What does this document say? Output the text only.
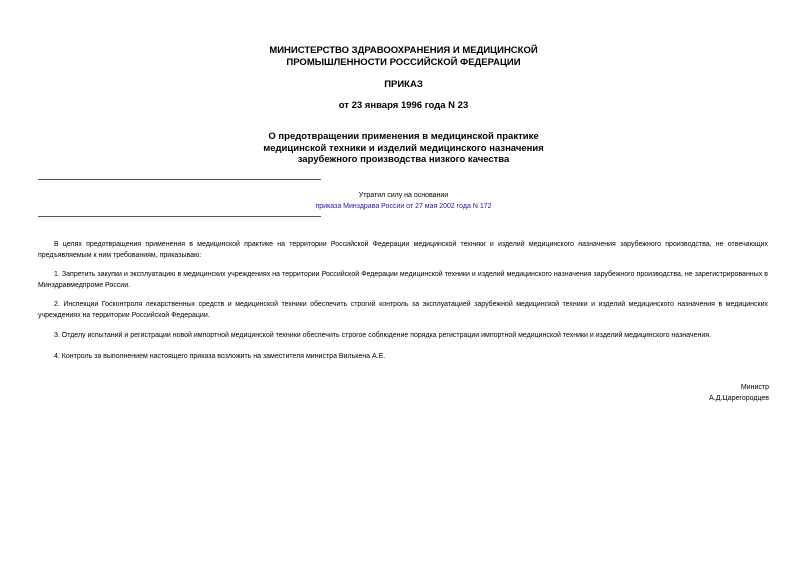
МИНИСТЕРСТВО ЗДРАВООХРАНЕНИЯ И МЕДИЦИНСКОЙ
ПРОМЫШЛЕННОСТИ РОССИЙСКОЙ ФЕДЕРАЦИИ
ПРИКАЗ
от 23 января 1996 года N 23
О предотвращении применения в медицинской практике
медицинской техники и изделий медицинского назначения
зарубежного производства низкого качества
Утратил силу на основании
приказа Минздрава России от 27 мая 2002 года N 172
В целях предотвращения применения в медицинской практике на территории Российской Федерации медицинской техники и изделий медицинского назначения зарубежного производства, не отвечающих предъявляемым к ним требованиям, приказываю:
1. Запретить закупки и эксплуатацию в медицинских учреждениях на территории Российской Федерации медицинской техники и изделий медицинского назначения зарубежного производства, не зарегистрированных в Минздравмедпроме России.
2. Инспекции Госконтроля лекарственных средств и медицинской техники обеспечить строгий контроль за эксплуатацией зарубежной медицинской техники и изделий медицинского назначения в медицинских учреждениях на территории Российской Федерации.
3. Отделу испытаний и регистрации новой импортной медицинской техники обеспечить строгое соблюдение порядка регистрации импортной медицинской техники и изделий медицинского назначения.
4. Контроль за выполнением настоящего приказа возложить на заместителя министра Вилькена А.Е.
Министр
А.Д.Царегородцев
